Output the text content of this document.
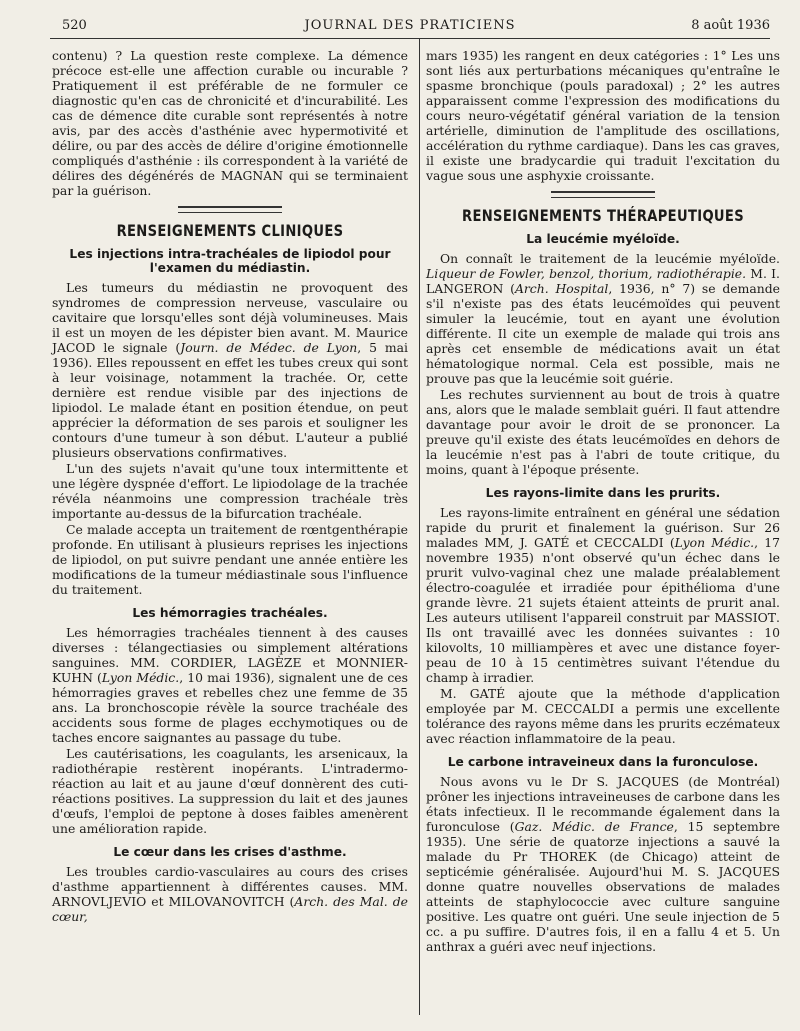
520	JOURNAL DES PRATICIENS	8 août 1936

contenu) ? La question reste complexe. La démence précoce est-elle une affection curable ou incurable ? Pratiquement il est préférable de ne formuler ce diagnostic qu'en cas de chronicité et d'incurabilité. Les cas de démence dite curable sont représentés à notre avis, par des accès d'asthénie avec hypermotivité et délire, ou par des accès de délire d'origine émotionnelle compliqués d'asthénie : ils correspondent à la variété de délires des dégénérés de MAGNAN qui se terminaient par la guérison.

RENSEIGNEMENTS CLINIQUES
Les injections intra-trachéales de lipiodol pour l'examen du médiastin.

Les tumeurs du médiastin ne provoquent des syndromes de compression nerveuse, vasculaire ou cavitaire que lorsqu'elles sont déjà volumineuses. Mais il est un moyen de les dépister bien avant. M. Maurice JACOD le signale (Journ. de Médec. de Lyon, 5 mai 1936). Elles repoussent en effet les tubes creux qui sont à leur voisinage, notamment la trachée. Or, cette dernière est rendue visible par des injections de lipiodol. Le malade étant en position étendue, on peut apprécier la déformation de ses parois et souligner les contours d'une tumeur à son début. L'auteur a publié plusieurs observations confirmatives.

L'un des sujets n'avait qu'une toux intermittente et une légère dyspnée d'effort. Le lipiodolage de la trachée révéla néanmoins une compression trachéale très importante au-dessus de la bifurcation trachéale.

Ce malade accepta un traitement de rœntgenthérapie profonde. En utilisant à plusieurs reprises les injections de lipiodol, on put suivre pendant une année entière les modifications de la tumeur médiastinale sous l'influence du traitement.

Les hémorragies trachéales.

Les hémorragies trachéales tiennent à des causes diverses : télangectiasies ou simplement altérations sanguines. MM. CORDIER, LAGÈZE et MONNIER-KUHN (Lyon Médic., 10 mai 1936), signalent une de ces hémorragies graves et rebelles chez une femme de 35 ans. La bronchoscopie révèle la source trachéale des accidents sous forme de plages ecchymotiques ou de taches encore saignantes au passage du tube.

Les cautérisations, les coagulants, les arsenicaux, la radiothérapie restèrent inopérants. L'intradermo-réaction au lait et au jaune d'œuf donnèrent des cuti-réactions positives. La suppression du lait et des jaunes d'œufs, l'emploi de peptone à doses faibles amenèrent une amélioration rapide.

Le cœur dans les crises d'asthme.

Les troubles cardio-vasculaires au cours des crises d'asthme appartiennent à différentes causes. MM. ARNOVLJEVIO et MILOVANOVITCH (Arch. des Mal. de cœur,

mars 1935) les rangent en deux catégories : 1° Les uns sont liés aux perturbations mécaniques qu'entraîne le spasme bronchique (pouls paradoxal) ; 2° les autres apparaissent comme l'expression des modifications du cours neuro-végétatif général variation de la tension artérielle, diminution de l'amplitude des oscillations, accélération du rythme cardiaque). Dans les cas graves, il existe une bradycardie qui traduit l'excitation du vague sous une asphyxie croissante.

RENSEIGNEMENTS THÉRAPEUTIQUES
La leucémie myéloïde.

On connaît le traitement de la leucémie myéloïde. Liqueur de Fowler, benzol, thorium, radiothérapie. M. I. LANGERON (Arch. Hospital, 1936, n° 7) se demande s'il n'existe pas des états leucémoïdes qui peuvent simuler la leucémie, tout en ayant une évolution différente. Il cite un exemple de malade qui trois ans après cet ensemble de médications avait un état hématologique normal. Cela est possible, mais ne prouve pas que la leucémie soit guérie.

Les rechutes surviennent au bout de trois à quatre ans, alors que le malade semblait guéri. Il faut attendre davantage pour avoir le droit de se prononcer. La preuve qu'il existe des états leucémoïdes en dehors de la leucémie n'est pas à l'abri de toute critique, du moins, quant à l'époque présente.

Les rayons-limite dans les prurits.

Les rayons-limite entraînent en général une sédation rapide du prurit et finalement la guérison. Sur 26 malades MM, J. GATÉ et CECCALDI (Lyon Médic., 17 novembre 1935) n'ont observé qu'un échec dans le prurit vulvo-vaginal chez une malade préalablement électro-coagulée et irradiée pour épithélioma d'une grande lèvre. 21 sujets étaient atteints de prurit anal. Les auteurs utilisent l'appareil construit par MASSIOT. Ils ont travaillé avec les données suivantes : 10 kilovolts, 10 milliampères et avec une distance foyer-peau de 10 à 15 centimètres suivant l'étendue du champ à irradier.

M. GATÉ ajoute que la méthode d'application employée par M. CECCALDI a permis une excellente tolérance des rayons même dans les prurits eczémateux avec réaction inflammatoire de la peau.

Le carbone intraveineux dans la furonculose.

Nous avons vu le Dr S. JACQUES (de Montréal) prôner les injections intraveineuses de carbone dans les états infectieux. Il le recommande également dans la furonculose (Gaz. Médic. de France, 15 septembre 1935). Une série de quatorze injections a sauvé la malade du Pr THOREK (de Chicago) atteint de septicémie généralisée. Aujourd'hui M. S. JACQUES donne quatre nouvelles observations de malades atteints de staphylococcie avec culture sanguine positive. Les quatre ont guéri. Une seule injection de 5 cc. a pu suffire. D'autres fois, il en a fallu 4 et 5. Un anthrax a guéri avec neuf injections.
